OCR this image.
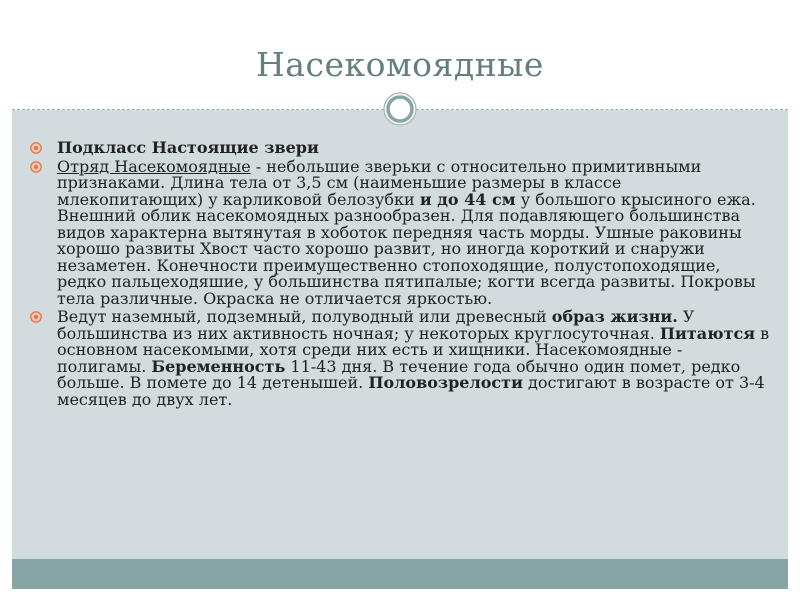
Насекомоядные
Подкласс Настоящие звери
Отряд Насекомоядные - небольшие зверьки с относительно примитивными признаками. Длина тела от 3,5 см (наименьшие размеры в классе млекопитающих) у карликовой белозубки и до 44 см у большого крысиного ежа. Внешний облик насекомоядных разнообразен. Для подавляющего большинства видов характерна вытянутая в хоботок передняя часть морды. Ушные раковины хорошо развиты Хвост часто хорошо развит, но иногда короткий и снаружи незаметен. Конечности преимущественно стопоходящие, полустопоходящие, редко пальцеходяшие, у большинства пятипалые; когти всегда развиты. Покровы тела различные. Окраска не отличается яркостью.
Ведут наземный, подземный, полуводный или древесный образ жизни. У большинства из них активность ночная; у некоторых круглосуточная. Питаются в основном насекомыми, хотя среди них есть и хищники. Насекомоядные - полигамы. Беременность 11-43 дня. В течение года обычно один помет, редко больше. В помете до 14 детенышей. Половозрелости достигают в возрасте от 3-4 месяцев до двух лет.
